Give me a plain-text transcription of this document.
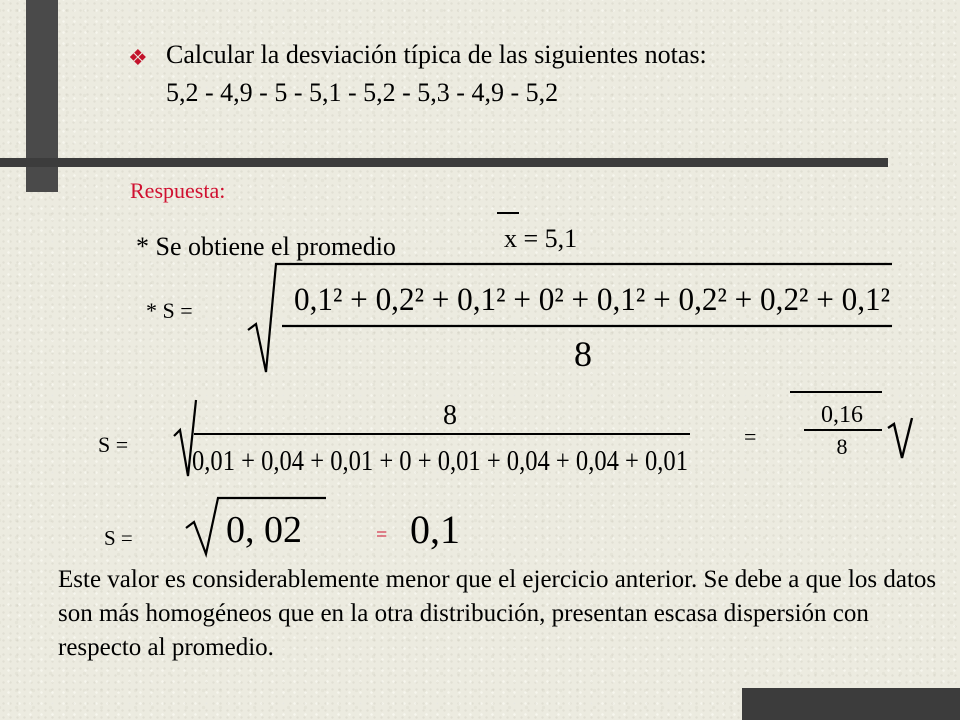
❖ Calcular la desviación típica de las siguientes notas:
5,2 - 4,9 - 5 - 5,1 - 5,2 - 5,3 - 4,9 - 5,2
Respuesta:
* Se obtiene el promedio	x = 5,1
* S =	0,1² + 0,2² + 0,1² + 0² + 0,1² + 0,2² + 0,2² + 0,1²
8
S =
8
0,01 + 0,04 + 0,01 + 0 + 0,01 + 0,04 + 0,04 + 0,01
=
0,16
8
S = 0, 02	= 0,1
Este valor es considerablemente menor que el ejercicio anterior. Se debe a que los datos son más homogéneos que en la otra distribución, presentan escasa dispersión con respecto al promedio.
